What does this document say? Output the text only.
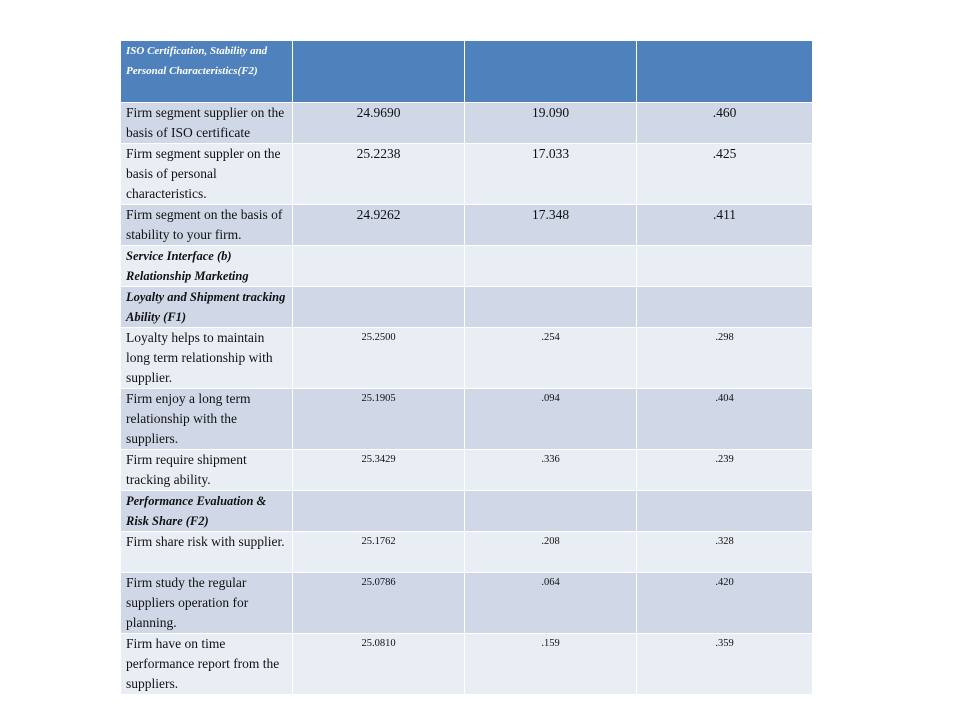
ISO Certification, Stability and Personal Characteristics(F2)			
Firm segment supplier on the basis of ISO certificate	24.9690	19.090	.460
Firm segment suppler on the basis of personal characteristics.	25.2238	17.033	.425
Firm segment on the basis of stability to your firm.	24.9262	17.348	.411
Service Interface (b) Relationship Marketing			
Loyalty and Shipment tracking Ability (F1)			
Loyalty helps to maintain long term relationship with supplier.	25.2500	.254	.298
Firm enjoy a long term relationship with the suppliers.	25.1905	.094	.404
Firm require shipment tracking ability.	25.3429	.336	.239
Performance Evaluation & Risk Share (F2)			
Firm share risk with supplier.	25.1762	.208	.328
Firm study the regular suppliers operation for planning.	25.0786	.064	.420
Firm have on time performance report from the suppliers.	25.0810	.159	.359
